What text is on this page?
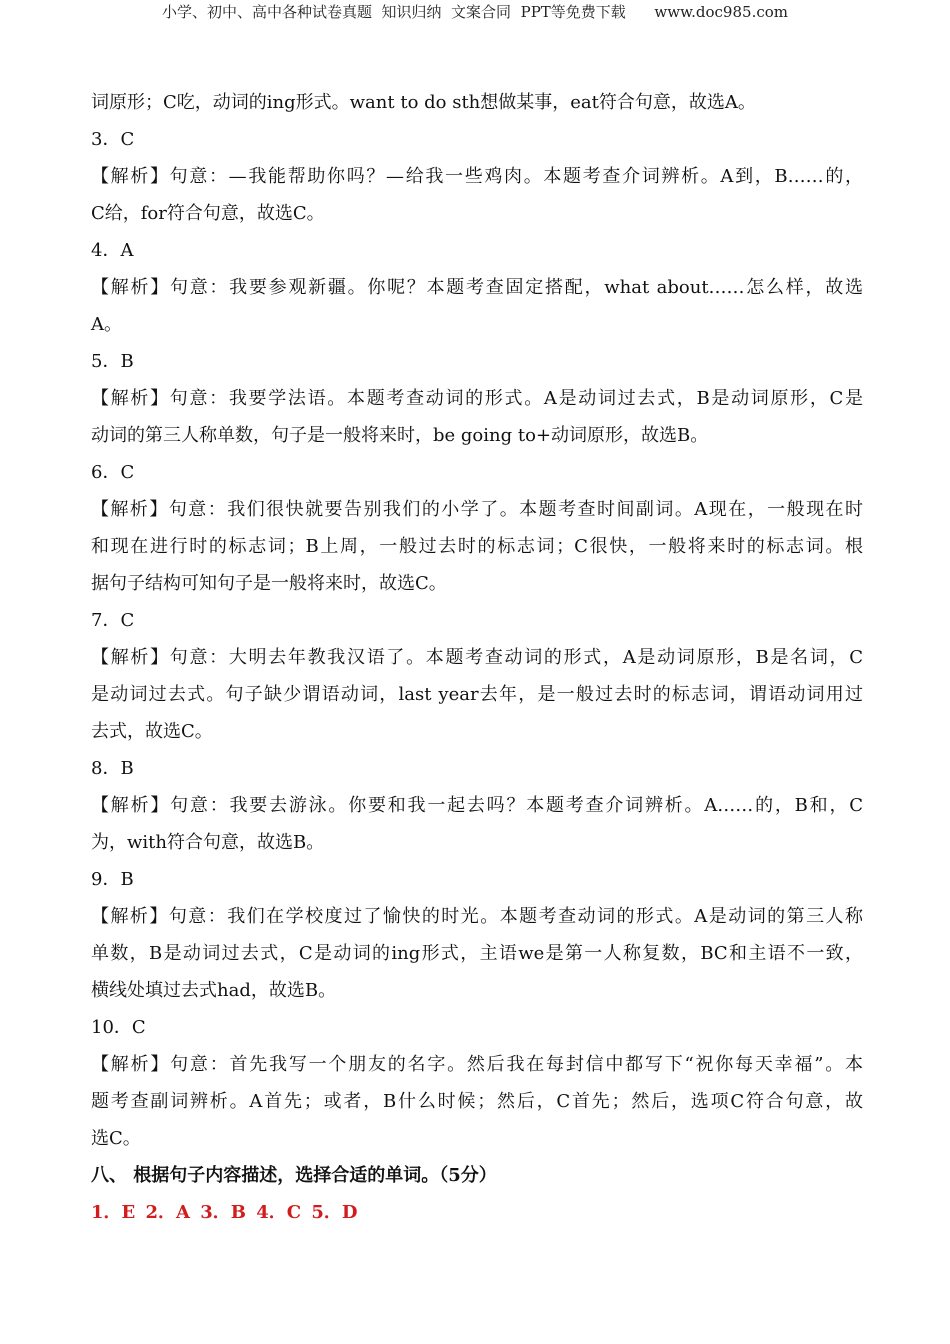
小学、初中、高中各种试卷真题  知识归纳  文案合同  PPT等免费下载      www.doc985.com
词原形；C吃，动词的ing形式。want to do sth想做某事，eat符合句意，故选A。
3．C
【解析】句意：—我能帮助你吗？—给我一些鸡肉。本题考查介词辨析。A到，B……的，
C给，for符合句意，故选C。
4．A
【解析】句意：我要参观新疆。你呢？本题考查固定搭配，what about……怎么样，故选
A。
5．B
【解析】句意：我要学法语。本题考查动词的形式。A是动词过去式，B是动词原形，C是
动词的第三人称单数，句子是一般将来时，be going to+动词原形，故选B。
6．C
【解析】句意：我们很快就要告别我们的小学了。本题考查时间副词。A现在，一般现在时
和现在进行时的标志词；B上周，一般过去时的标志词；C很快，一般将来时的标志词。根
据句子结构可知句子是一般将来时，故选C。
7．C
【解析】句意：大明去年教我汉语了。本题考查动词的形式，A是动词原形，B是名词，C
是动词过去式。句子缺少谓语动词，last year去年，是一般过去时的标志词，谓语动词用过
去式，故选C。
8．B
【解析】句意：我要去游泳。你要和我一起去吗？本题考查介词辨析。A……的，B和，C
为，with符合句意，故选B。
9．B
【解析】句意：我们在学校度过了愉快的时光。本题考查动词的形式。A是动词的第三人称
单数，B是动词过去式，C是动词的ing形式，主语we是第一人称复数，BC和主语不一致，
横线处填过去式had，故选B。
10．C
【解析】句意：首先我写一个朋友的名字。然后我在每封信中都写下“祝你每天幸福”。本
题考查副词辨析。A首先；或者，B什么时候；然后，C首先；然后，选项C符合句意，故
选C。
八、 根据句子内容描述，选择合适的单词。（5分）
1．E 2．A 3．B 4．C 5．D
